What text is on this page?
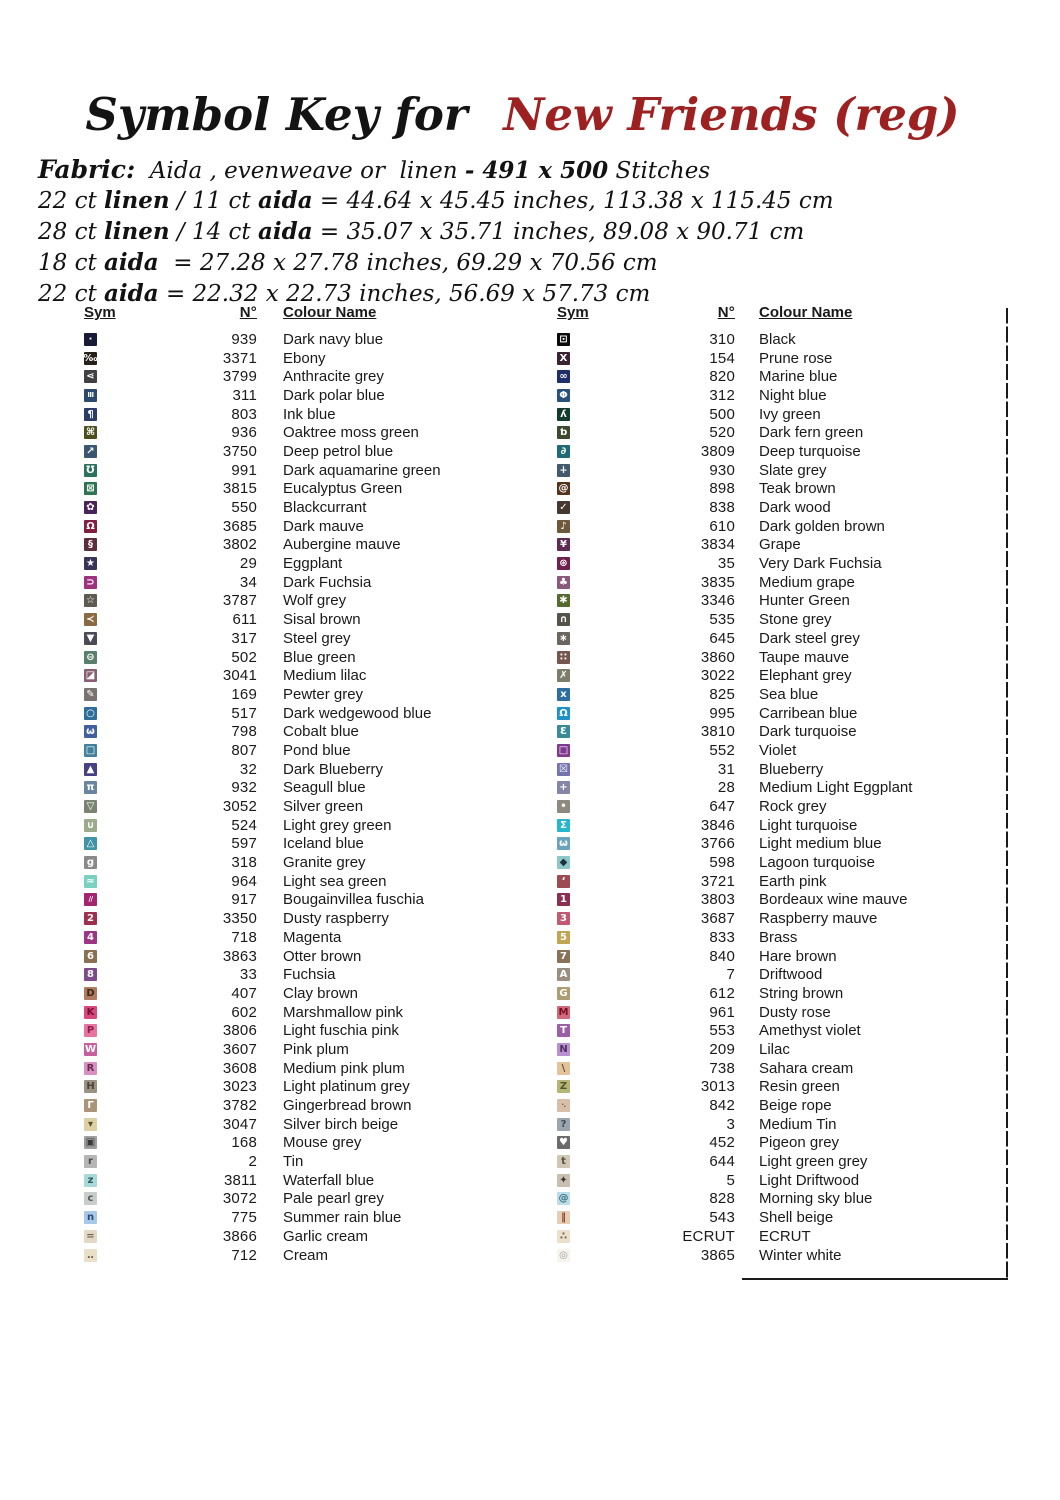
Symbol Key for New Friends (reg)
Fabric:  Aida , evenweave or  linen - 491 x 500 Stitches
22 ct linen / 11 ct aida = 44.64 x 45.45 inches, 113.38 x 115.45 cm
28 ct linen / 14 ct aida = 35.07 x 35.71 inches, 89.08 x 90.71 cm
18 ct aida  = 27.28 x 27.78 inches, 69.29 x 70.56 cm
22 ct aida = 22.32 x 22.73 inches, 56.69 x 57.73 cm
Sym	N° Colour Name
·	939 Dark navy blue
‰	3371 Ebony
⋖	3799 Anthracite grey
III	311 Dark polar blue
¶	803 Ink blue
⌘	936 Oaktree moss green
↗	3750 Deep petrol blue
℧	991 Dark aquamarine green
⊠	3815 Eucalyptus Green
✿	550 Blackcurrant
Ω	3685 Dark mauve
§	3802 Aubergine mauve
★	29 Eggplant
⊃	34 Dark Fuchsia
☆	3787 Wolf grey
≺	611 Sisal brown
▼	317 Steel grey
⊖	502 Blue green
◪	3041 Medium lilac
✎	169 Pewter grey
○	517 Dark wedgewood blue
ω	798 Cobalt blue
□	807 Pond blue
▲	32 Dark Blueberry
π	932 Seagull blue
▽	3052 Silver green
∪	524 Light grey green
△	597 Iceland blue
g	318 Granite grey
≈	964 Light sea green
//	917 Bougainvillea fuschia
2	3350 Dusty raspberry
4	718 Magenta
6	3863 Otter brown
8	33 Fuchsia
D	407 Clay brown
K	602 Marshmallow pink
P	3806 Light fuschia pink
W	3607 Pink plum
R	3608 Medium pink plum
H	3023 Light platinum grey
Γ	3782 Gingerbread brown
▾	3047 Silver birch beige
▣	168 Mouse grey
r	2 Tin
z	3811 Waterfall blue
c	3072 Pale pearl grey
n	775 Summer rain blue
=	3866 Garlic cream
‥	712 Cream
Sym	N° Colour Name
⊡	310 Black
X	154 Prune rose
∞	820 Marine blue
Φ	312 Night blue
ʎ	500 Ivy green
ƅ	520 Dark fern green
∂	3809 Deep turquoise
∔	930 Slate grey
@	898 Teak brown
✓	838 Dark wood
♪	610 Dark golden brown
¥	3834 Grape
⊛	35 Very Dark Fuchsia
♣	3835 Medium grape
✱	3346 Hunter Green
∩	535 Stone grey
∗	645 Dark steel grey
∷	3860 Taupe mauve
✗	3022 Elephant grey
x	825 Sea blue
Ω	995 Carribean blue
Ɛ	3810 Dark turquoise
□	552 Violet
☒	31 Blueberry
+	28 Medium Light Eggplant
•	647 Rock grey
Σ	3846 Light turquoise
ω	3766 Light medium blue
◆	598 Lagoon turquoise
‘	3721 Earth pink
1	3803 Bordeaux wine mauve
3	3687 Raspberry mauve
5	833 Brass
7	840 Hare brown
A	7 Driftwood
G	612 String brown
M	961 Dusty rose
T	553 Amethyst violet
N	209 Lilac
\	738 Sahara cream
Z	3013 Resin green
·.	842 Beige rope
?	3 Medium Tin
♥	452 Pigeon grey
t	644 Light green grey
✦	5 Light Driftwood
@	828 Morning sky blue
‖	543 Shell beige
∴	ECRUT ECRUT
◎	3865 Winter white
